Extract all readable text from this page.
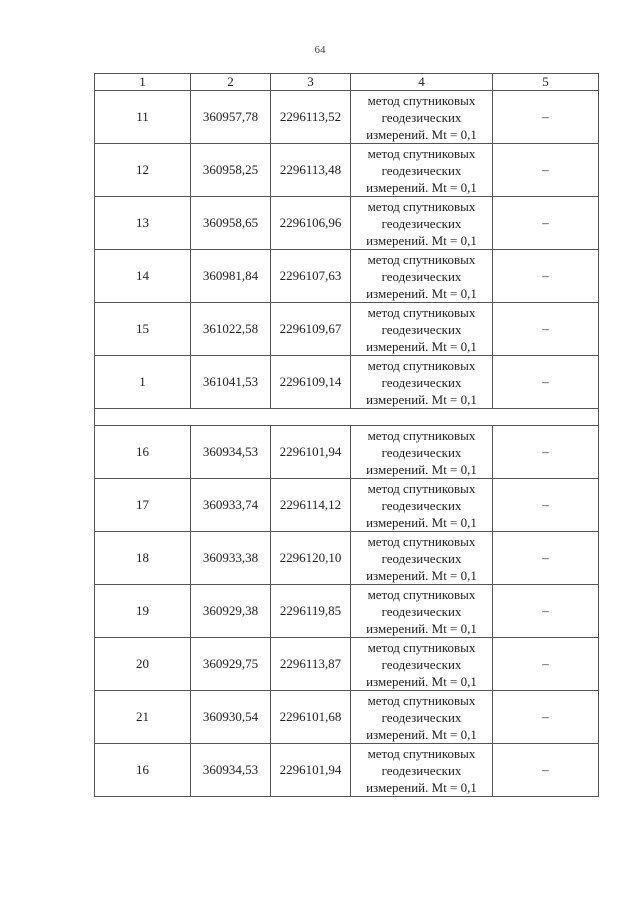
64
1	2	3	4	5
11	360957,78	2296113,52	метод спутниковых
геодезических
измерений. Mt = 0,1	–
12	360958,25	2296113,48	метод спутниковых
геодезических
измерений. Mt = 0,1	–
13	360958,65	2296106,96	метод спутниковых
геодезических
измерений. Mt = 0,1	–
14	360981,84	2296107,63	метод спутниковых
геодезических
измерений. Mt = 0,1	–
15	361022,58	2296109,67	метод спутниковых
геодезических
измерений. Mt = 0,1	–
1	361041,53	2296109,14	метод спутниковых
геодезических
измерений. Mt = 0,1	–

16	360934,53	2296101,94	метод спутниковых
геодезических
измерений. Mt = 0,1	–
17	360933,74	2296114,12	метод спутниковых
геодезических
измерений. Mt = 0,1	–
18	360933,38	2296120,10	метод спутниковых
геодезических
измерений. Mt = 0,1	–
19	360929,38	2296119,85	метод спутниковых
геодезических
измерений. Mt = 0,1	–
20	360929,75	2296113,87	метод спутниковых
геодезических
измерений. Mt = 0,1	–
21	360930,54	2296101,68	метод спутниковых
геодезических
измерений. Mt = 0,1	–
16	360934,53	2296101,94	метод спутниковых
геодезических
измерений. Mt = 0,1	–
